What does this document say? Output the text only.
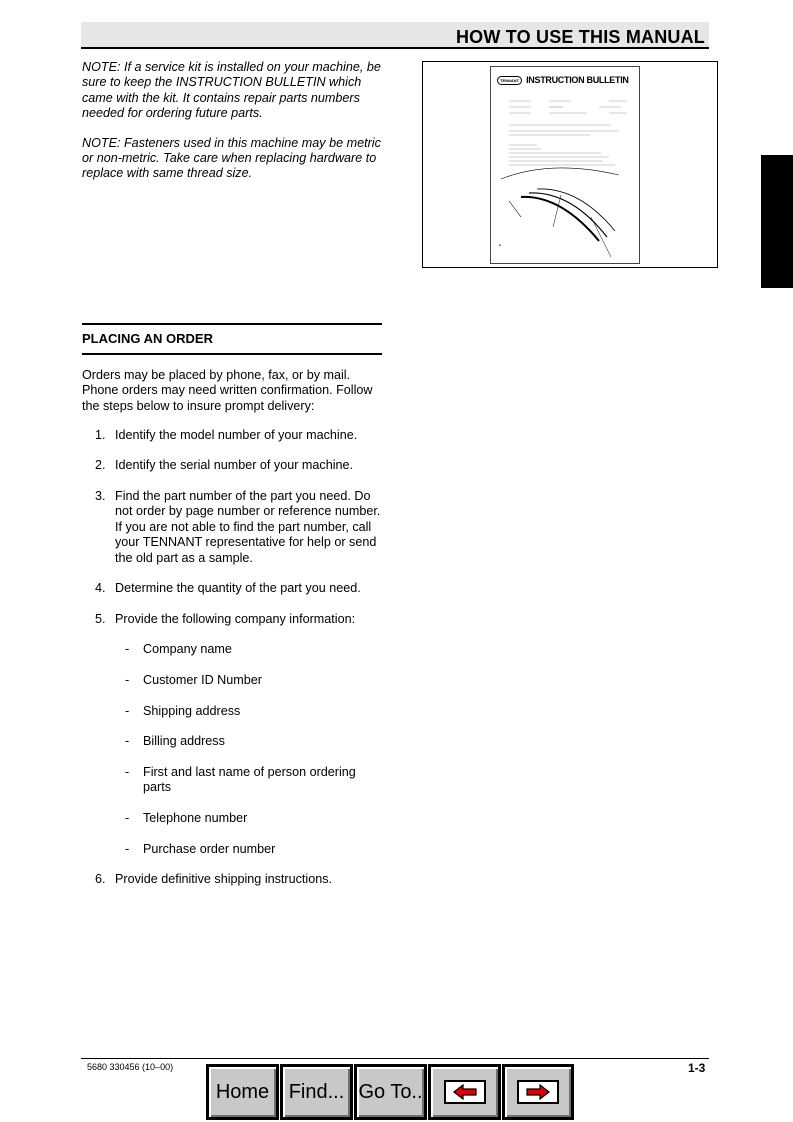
HOW TO USE THIS MANUAL

NOTE: If a service kit is installed on your machine, be sure to keep the INSTRUCTION BULLETIN which came with the kit. It contains repair parts numbers needed for ordering future parts.

NOTE: Fasteners used in this machine may be metric or non-metric. Take care when replacing hardware to replace with same thread size.

TENNANT INSTRUCTION BULLETIN
■
PLACING AN ORDER
Orders may be placed by phone, fax, or by mail. Phone orders may need written confirmation. Follow the steps below to insure prompt delivery:
1. Identify the model number of your machine.
2. Identify the serial number of your machine.
3. Find the part number of the part you need. Do not order by page number or reference number. If you are not able to find the part number, call your TENNANT representative for help or send the old part as a sample.
4. Determine the quantity of the part you need.
5. Provide the following company information:
- Company name
- Customer ID Number
- Shipping address
- Billing address
- First and last name of person ordering parts
- Telephone number
- Purchase order number
6. Provide definitive shipping instructions.
5680 330456 (10–00)	1-3
Home Find... Go To..
